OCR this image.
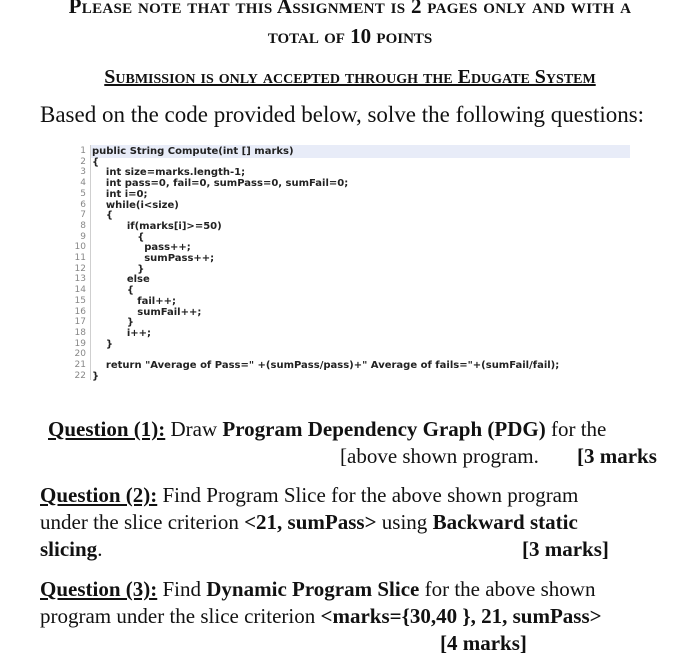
Please note that this Assignment is 2 pages only and with a
total of 10 points
Submission is only accepted through the Edugate System
Based on the code provided below, solve the following questions:
1 public String Compute(int [] marks)
2 {
3 int size=marks.length-1;
4 int pass=0, fail=0, sumPass=0, sumFail=0;
5 int i=0;
6 while(i<size)
7 {
8 if(marks[i]>=50)
9 {
10 pass++;
11 sumPass++;
12 }
13 else
14 {
15 fail++;
16 sumFail++;
17 }
18 i++;
19 }
20
21 return "Average of Pass=" +(sumPass/pass)+" Average of fails="+(sumFail/fail);
22 }
Question (1): Draw Program Dependency Graph (PDG) for the
[above shown program. [3 marks
Question (2): Find Program Slice for the above shown program
under the slice criterion <21, sumPass> using Backward static
slicing.	[3 marks]
Question (3): Find Dynamic Program Slice for the above shown
program under the slice criterion <marks={30,40 }, 21, sumPass>
[4 marks]
